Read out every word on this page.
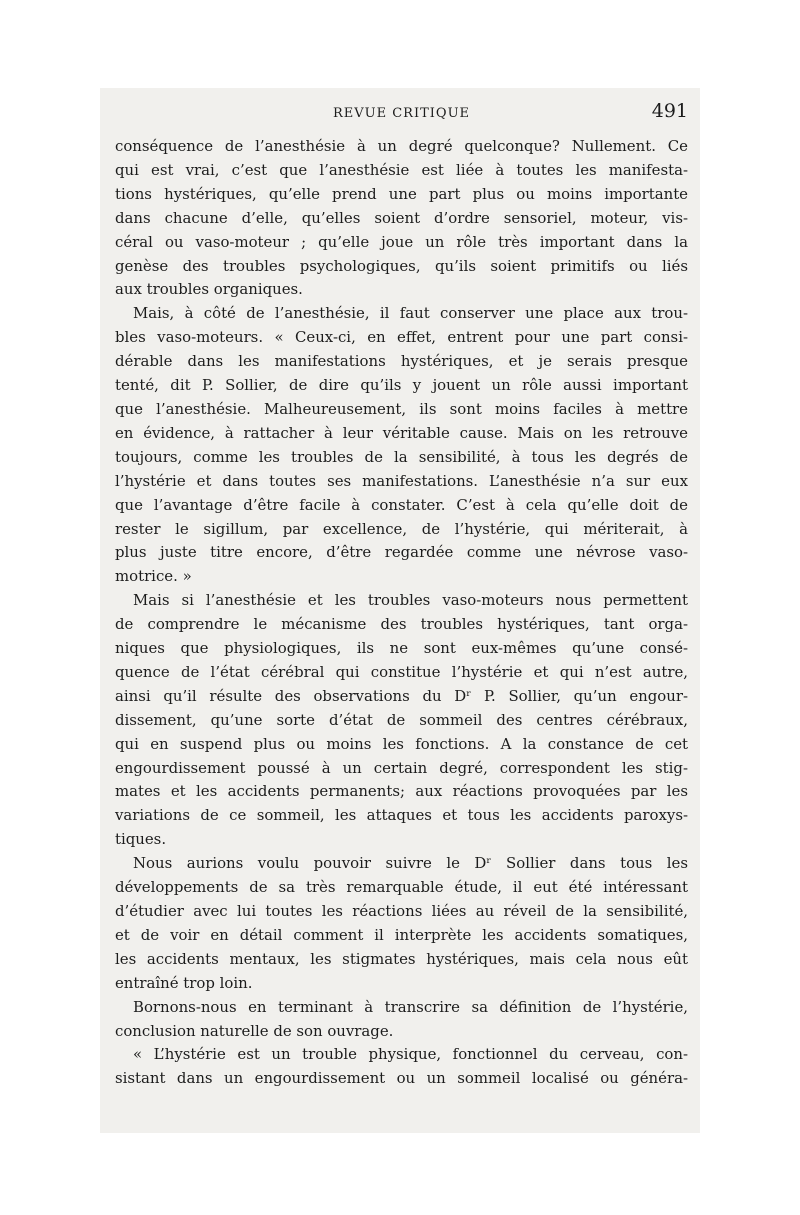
REVUE CRITIQUE	491
conséquence de l’anesthésie à un degré quelconque? Nullement. Ce
qui est vrai, c’est que l’anesthésie est liée à toutes les manifesta-
tions hystériques, qu’elle prend une part plus ou moins importante
dans chacune d’elle, qu’elles soient d’ordre sensoriel, moteur, vis-
céral ou vaso-moteur ; qu’elle joue un rôle très important dans la
genèse des troubles psychologiques, qu’ils soient primitifs ou liés
aux troubles organiques.
Mais, à côté de l’anesthésie, il faut conserver une place aux trou-
bles vaso-moteurs. « Ceux-ci, en effet, entrent pour une part consi-
dérable dans les manifestations hystériques, et je serais presque
tenté, dit P. Sollier, de dire qu’ils y jouent un rôle aussi important
que l’anesthésie. Malheureusement, ils sont moins faciles à mettre
en évidence, à rattacher à leur véritable cause. Mais on les retrouve
toujours, comme les troubles de la sensibilité, à tous les degrés de
l’hystérie et dans toutes ses manifestations. L’anesthésie n’a sur eux
que l’avantage d’être facile à constater. C’est à cela qu’elle doit de
rester le sigillum, par excellence, de l’hystérie, qui mériterait, à
plus juste titre encore, d’être regardée comme une névrose vaso-
motrice. »
Mais si l’anesthésie et les troubles vaso-moteurs nous permettent
de comprendre le mécanisme des troubles hystériques, tant orga-
niques que physiologiques, ils ne sont eux-mêmes qu’une consé-
quence de l’état cérébral qui constitue l’hystérie et qui n’est autre,
ainsi qu’il résulte des observations du Dʳ P. Sollier, qu’un engour-
dissement, qu’une sorte d’état de sommeil des centres cérébraux,
qui en suspend plus ou moins les fonctions. A la constance de cet
engourdissement poussé à un certain degré, correspondent les stig-
mates et les accidents permanents; aux réactions provoquées par les
variations de ce sommeil, les attaques et tous les accidents paroxys-
tiques.
Nous aurions voulu pouvoir suivre le Dʳ Sollier dans tous les
développements de sa très remarquable étude, il eut été intéressant
d’étudier avec lui toutes les réactions liées au réveil de la sensibilité,
et de voir en détail comment il interprète les accidents somatiques,
les accidents mentaux, les stigmates hystériques, mais cela nous eût
entraîné trop loin.
Bornons-nous en terminant à transcrire sa définition de l’hystérie,
conclusion naturelle de son ouvrage.
« L’hystérie est un trouble physique, fonctionnel du cerveau, con-
sistant dans un engourdissement ou un sommeil localisé ou généra-
